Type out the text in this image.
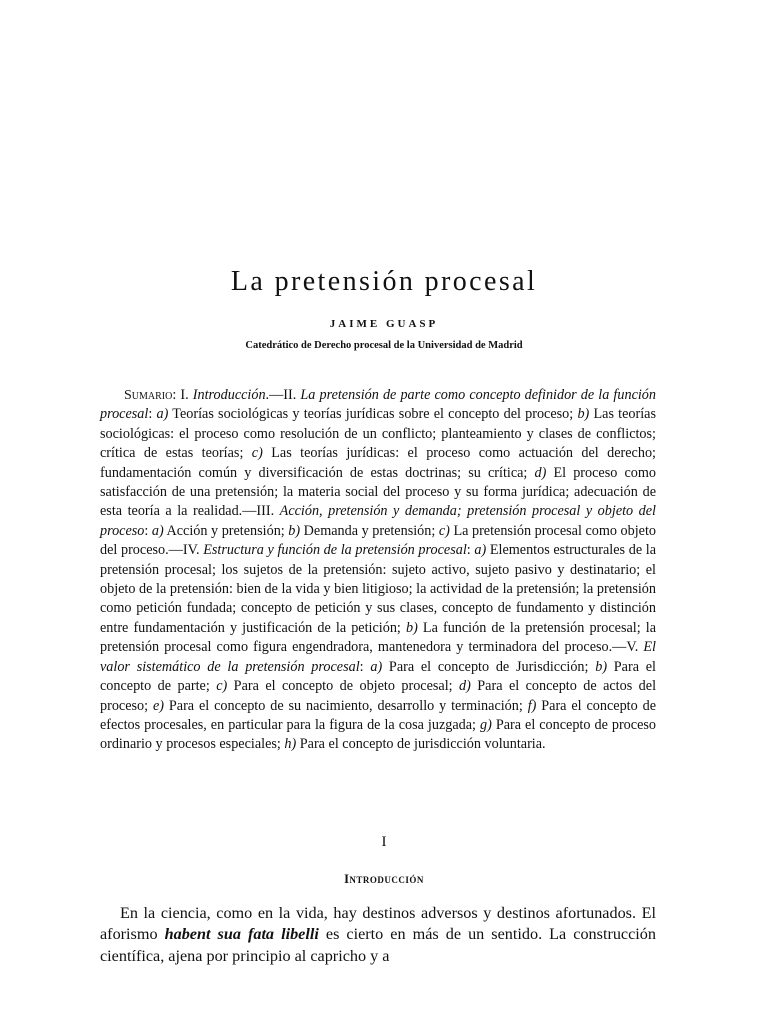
La pretensión procesal
JAIME GUASP
Catedrático de Derecho procesal de la Universidad de Madrid

Sumario: I. Introducción.—II. La pretensión de parte como concepto definidor de la función procesal: a) Teorías sociológicas y teorías jurídicas sobre el concepto del proceso; b) Las teorías sociológicas: el proceso como resolución de un conflicto; planteamiento y clases de conflictos; crítica de estas teorías; c) Las teorías jurídicas: el proceso como actuación del derecho; fundamentación común y diversificación de estas doctrinas; su crítica; d) El proceso como satisfacción de una pretensión; la materia social del proceso y su forma jurídica; adecuación de esta teoría a la realidad.—III. Acción, pretensión y demanda; pretensión procesal y objeto del proceso: a) Acción y pretensión; b) Demanda y pretensión; c) La pretensión procesal como objeto del proceso.—IV. Estructura y función de la pretensión procesal: a) Elementos estructurales de la pretensión procesal; los sujetos de la pretensión: sujeto activo, sujeto pasivo y destinatario; el objeto de la pretensión: bien de la vida y bien litigioso; la actividad de la pretensión; la pretensión como petición fundada; concepto de petición y sus clases, concepto de fundamento y distinción entre fundamentación y justificación de la petición; b) La función de la pretensión procesal; la pretensión procesal como figura engendradora, mantenedora y terminadora del proceso.—V. El valor sistemático de la pretensión procesal: a) Para el concepto de Jurisdicción; b) Para el concepto de parte; c) Para el concepto de objeto procesal; d) Para el concepto de actos del proceso; e) Para el concepto de su nacimiento, desarrollo y terminación; f) Para el concepto de efectos procesales, en particular para la figura de la cosa juzgada; g) Para el concepto de proceso ordinario y procesos especiales; h) Para el concepto de jurisdicción voluntaria.

I
Introducción

En la ciencia, como en la vida, hay destinos adversos y destinos afortunados. El aforismo habent sua fata libelli es cierto en más de un sentido. La construcción científica, ajena por principio al capricho y a
